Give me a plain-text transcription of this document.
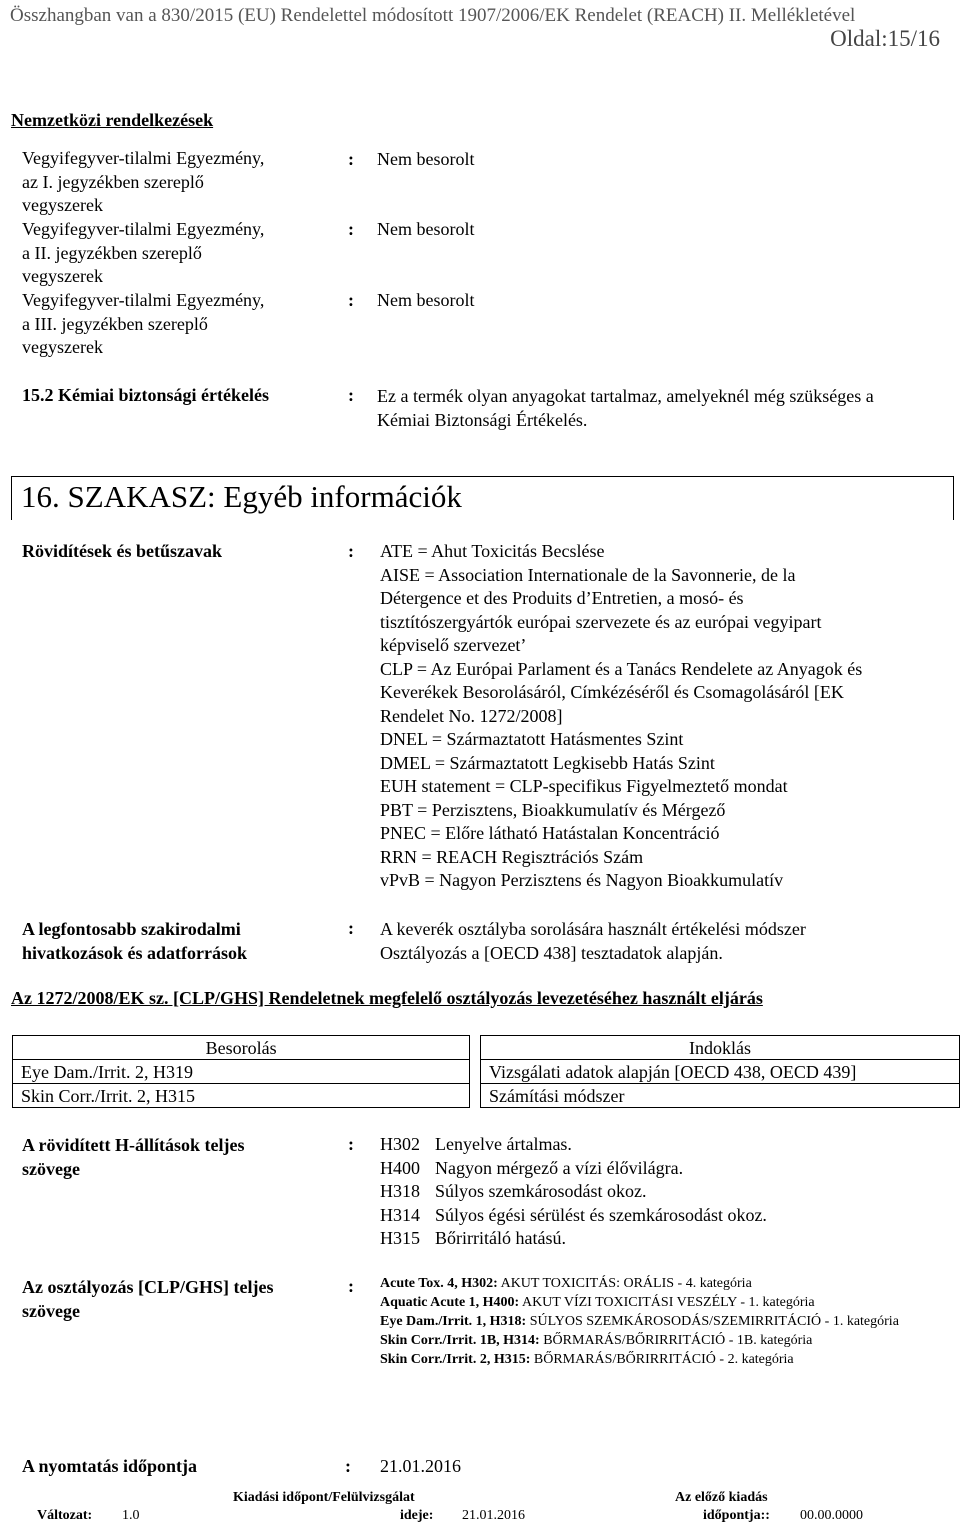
Összhangban van a 830/2015 (EU) Rendelettel módosított 1907/2006/EK Rendelet (REACH) II. Mellékletével
Oldal:15/16
Nemzetközi rendelkezések
Vegyifegyver-tilalmi Egyezmény,
az I. jegyzékben szereplő
vegyszerek
: Nem besorolt
Vegyifegyver-tilalmi Egyezmény,
a II. jegyzékben szereplő
vegyszerek
: Nem besorolt
Vegyifegyver-tilalmi Egyezmény,
a III. jegyzékben szereplő
vegyszerek
: Nem besorolt
15.2 Kémiai biztonsági értékelés	: Ez a termék olyan anyagokat tartalmaz, amelyeknél még szükséges a
Kémiai Biztonsági Értékelés.
16. SZAKASZ: Egyéb információk
Rövidítések és betűszavak	: ATE = Ahut Toxicitás Becslése
AISE = Association Internationale de la Savonnerie, de la
Détergence et des Produits d’Entretien, a mosó- és
tisztítószergyártók európai szervezete és az európai vegyipart
képviselő szervezet’
CLP = Az Európai Parlament és a Tanács Rendelete az Anyagok és
Keverékek Besorolásáról, Címkézéséről és Csomagolásáról [EK
Rendelet No. 1272/2008]
DNEL = Származtatott Hatásmentes Szint
DMEL = Származtatott Legkisebb Hatás Szint
EUH statement = CLP-specifikus Figyelmeztető mondat
PBT = Perzisztens, Bioakkumulatív és Mérgező
PNEC = Előre látható Hatástalan Koncentráció
RRN = REACH Regisztrációs Szám
vPvB = Nagyon Perzisztens és Nagyon Bioakkumulatív
A legfontosabb szakirodalmi
hivatkozások és adatforrások
: A keverék osztályba sorolására használt értékelési módszer
Osztályozás a [OECD 438] tesztadatok alapján.
Az 1272/2008/EK sz. [CLP/GHS] Rendeletnek megfelelő osztályozás levezetéséhez használt eljárás
Besorolás		Indoklás
Eye Dam./Irrit. 2, H319		Vizsgálati adatok alapján [OECD 438, OECD 439]
Skin Corr./Irrit. 2, H315		Számítási módszer
A rövidített H-állítások teljes
szövege
: H302 Lenyelve ártalmas.
H400 Nagyon mérgező a vízi élővilágra.
H318 Súlyos szemkárosodást okoz.
H314 Súlyos égési sérülést és szemkárosodást okoz.
H315 Bőrirritáló hatású.
Az osztályozás [CLP/GHS] teljes
szövege
: Acute Tox. 4, H302: AKUT TOXICITÁS: ORÁLIS - 4. kategória
Aquatic Acute 1, H400: AKUT VÍZI TOXICITÁSI VESZÉLY - 1. kategória
Eye Dam./Irrit. 1, H318: SÚLYOS SZEMKÁROSODÁS/SZEMIRRITÁCIÓ - 1. kategória
Skin Corr./Irrit. 1B, H314: BŐRMARÁS/BŐRIRRITÁCIÓ - 1B. kategória
Skin Corr./Irrit. 2, H315: BŐRMARÁS/BŐRIRRITÁCIÓ - 2. kategória
A nyomtatás időpontja	: 21.01.2016
Változat: 1.0
Kiadási időpont/Felülvizsgálat
ideje: 21.01.2016
Az előző kiadás
időpontja:: 00.00.0000
